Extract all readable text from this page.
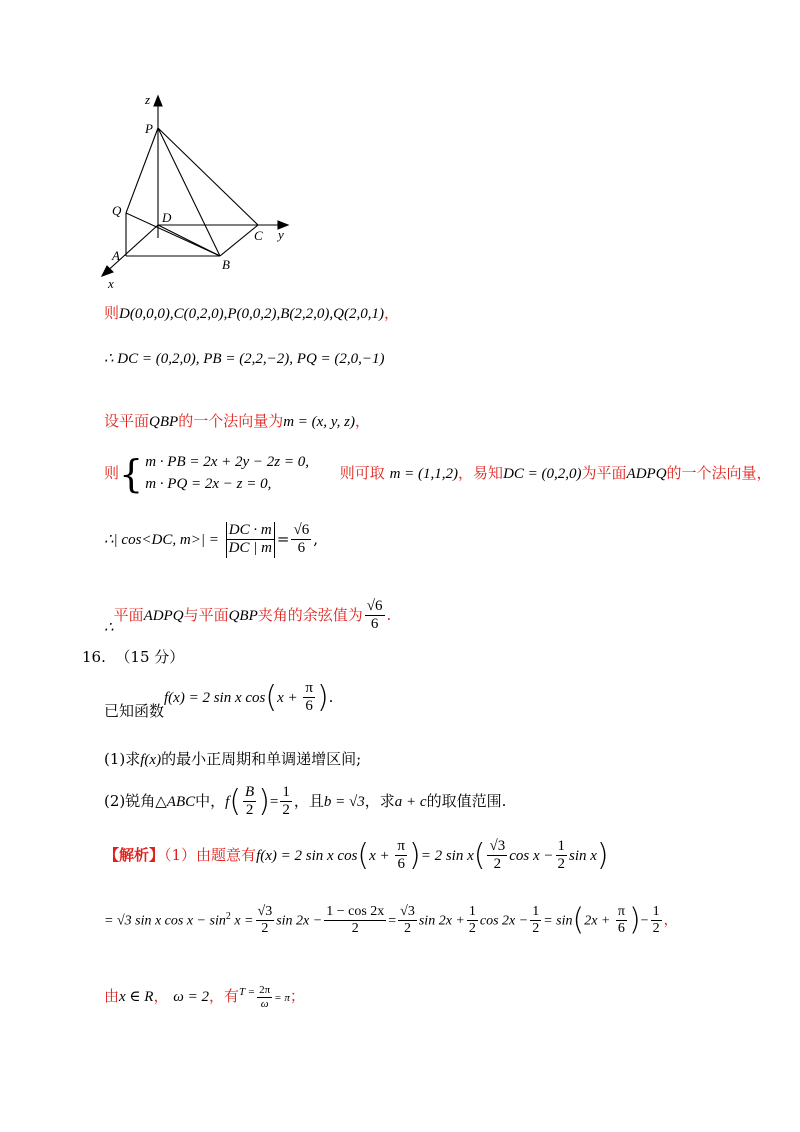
z
P
Q	D
C y
A
B
x
则D(0,0,0),C(0,2,0),P(0,0,2),B(2,2,0),Q(2,0,1)，
∴ DC = (0,2,0), PB = (2,2,−2), PQ = (2,0,−1)
设平面QBP的一个法向量为m = (x, y, z)，
则{ m · PB = 2x + 2y − 2z = 0,
m · PQ = 2x − z = 0, 则可取 m = (1,1,2)，易知DC = (0,2,0)为平面ADPQ的一个法向量，
∴| cos<DC, $m>| = \frac{DC \cdot m}{DC | m} = \frac{√6}{6}$ ,
∴平面ADPQ与平面QBP夹角的余弦值为 $\frac{√6}{6}$ .
16. （15 分）
已知函数f(x) = 2 sin x $\cos(x + \frac{\pi}{6}$ ).
(1)求f(x)的最小正周期和单调递增区间;
(2)锐角△ABC中，$f( \frac{B}{2}$ )= $\frac{1}{2}$ ，且b = √3，求a + c的取值范围.
【解析】（1）由题意有f(x) = 2 sin x $\cos(x + \frac{\pi}{6}$ )= 2 $\sin x( \frac{√3}{2}$ $\cos x - \frac{1}{2}$ sin x)
= √3 sin x $\cos x - \sin^2 x = \frac{√3}{2}$ $\sin 2x - \frac{1 - \cos 2x}{2} = \frac{√3}{2}$ $\sin 2x + \frac{1}{2}$ $\cos 2x - \frac{1}{2} = \sin(2x + \frac{\pi}{6}$ )− $\frac{1}{2}$ ，
由x ∈ R， ω = 2，有$^{T =} \frac{2\pi}{\omega} = \pi$；
